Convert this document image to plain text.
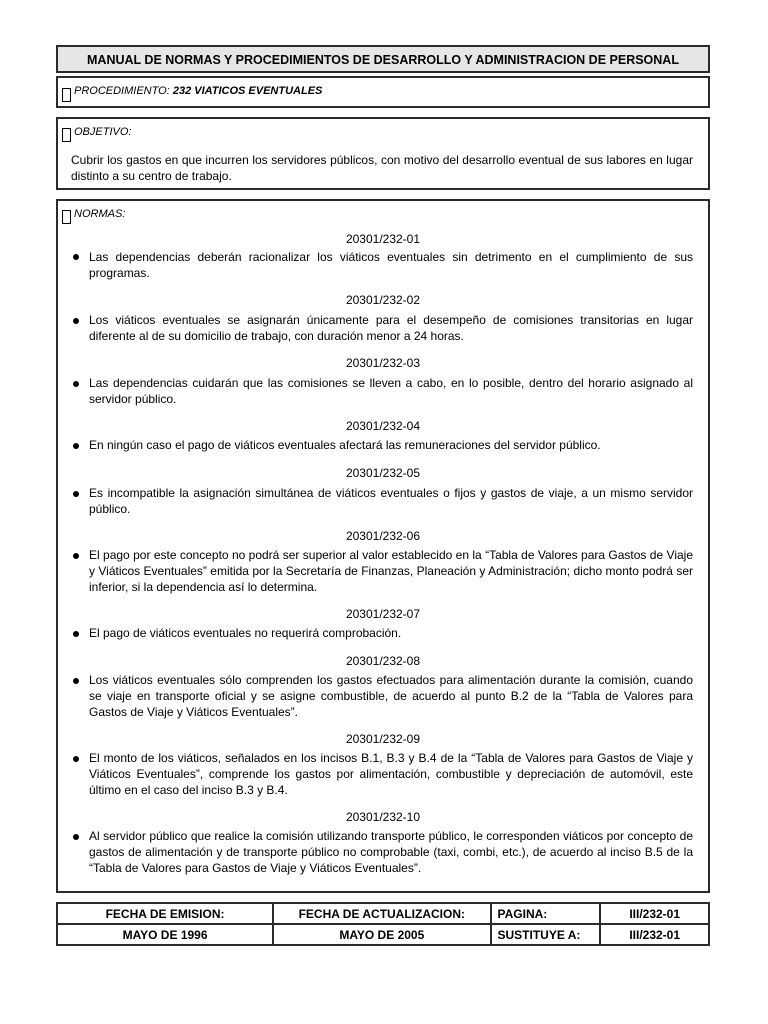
MANUAL DE NORMAS Y PROCEDIMIENTOS DE DESARROLLO Y ADMINISTRACION DE PERSONAL
PROCEDIMIENTO: 232 VIATICOS EVENTUALES
OBJETIVO:
Cubrir los gastos en que incurren los servidores públicos, con motivo del desarrollo eventual de sus labores en lugar distinto a su centro de trabajo.
NORMAS:
20301/232-01
Las dependencias deberán racionalizar los viáticos eventuales sin detrimento en el cumplimiento de sus programas.
20301/232-02
Los viáticos eventuales se asignarán únicamente para el desempeño de comisiones transitorias en lugar diferente al de su domicilio de trabajo, con duración menor a 24 horas.
20301/232-03
Las dependencias cuidarán que las comisiones se lleven a cabo, en lo posible, dentro del horario asignado al servidor público.
20301/232-04
En ningún caso el pago de viáticos eventuales afectará las remuneraciones del servidor público.
20301/232-05
Es incompatible la asignación simultánea de viáticos eventuales o fijos y gastos de viaje, a un mismo servidor público.
20301/232-06
El pago por este concepto no podrá ser superior al valor establecido en la “Tabla de Valores para Gastos de Viaje y Viáticos Eventuales” emitida por la Secretaría de Finanzas, Planeación y Administración; dicho monto podrá ser inferior, si la dependencia así lo determina.
20301/232-07
El pago de viáticos eventuales no requerirá comprobación.
20301/232-08
Los viáticos eventuales sólo comprenden los gastos efectuados para alimentación durante la comisión, cuando se viaje en transporte oficial y se asigne combustible, de acuerdo al punto B.2 de la “Tabla de Valores para Gastos de Viaje y Viáticos Eventuales”.
20301/232-09
El monto de los viáticos, señalados en los incisos B.1, B.3 y B.4 de la “Tabla de Valores para Gastos de Viaje y Viáticos Eventuales”, comprende los gastos por alimentación, combustible y depreciación de automóvil, este último en el caso del inciso B.3 y B.4.
20301/232-10
Al servidor público que realice la comisión utilizando transporte público, le corresponden viáticos por concepto de gastos de alimentación y de transporte público no comprobable (taxi, combi, etc.), de acuerdo al inciso B.5 de la “Tabla de Valores para Gastos de Viaje y Viáticos Eventuales”.
FECHA DE EMISION:	FECHA DE ACTUALIZACION:	PAGINA:	III/232-01
MAYO DE 1996	MAYO DE 2005	SUSTITUYE A:	III/232-01
